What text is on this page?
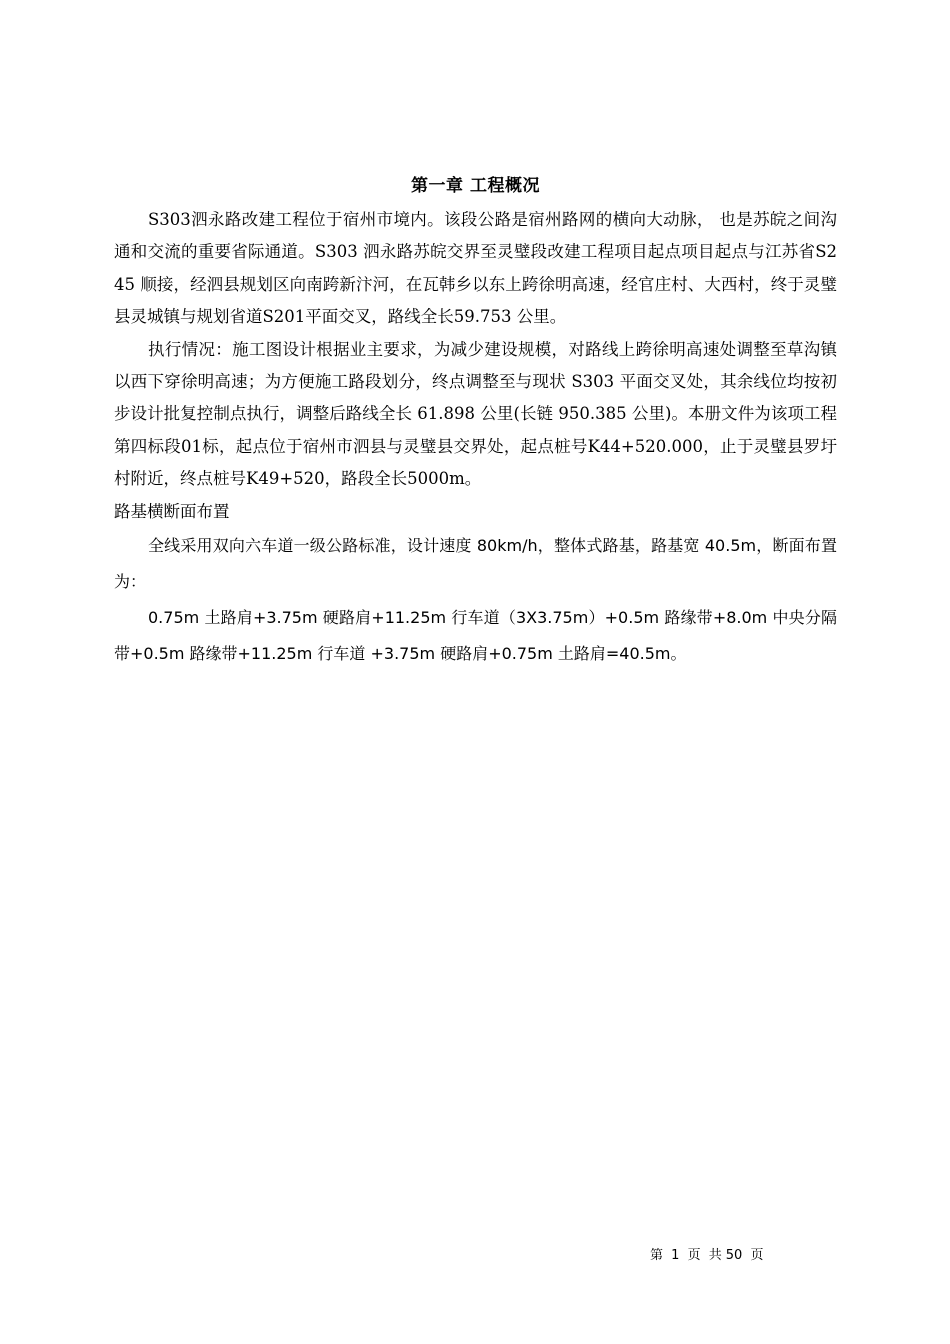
第一章 工程概况

S303泗永路改建工程位于宿州市境内。该段公路是宿州路网的横向大动脉， 也是苏皖之间沟通和交流的重要省际通道。S303 泗永路苏皖交界至灵璧段改建工程项目起点项目起点与江苏省S245 顺接，经泗县规划区向南跨新汴河，在瓦韩乡以东上跨徐明高速，经官庄村、大西村，终于灵璧县灵城镇与规划省道S201平面交叉，路线全长59.753 公里。

执行情况：施工图设计根据业主要求，为减少建设规模，对路线上跨徐明高速处调整至草沟镇以西下穿徐明高速；为方便施工路段划分，终点调整至与现状 S303 平面交叉处，其余线位均按初步设计批复控制点执行，调整后路线全长 61.898 公里(长链 950.385 公里)。本册文件为该项工程第四标段01标，起点位于宿州市泗县与灵璧县交界处，起点桩号K44+520.000，止于灵璧县罗圩村附近，终点桩号K49+520，路段全长5000m。

路基横断面布置

全线采用双向六车道一级公路标准，设计速度 80km/h，整体式路基，路基宽 40.5m，断面布置为：

0.75m 土路肩+3.75m 硬路肩+11.25m 行车道（3X3.75m）+0.5m 路缘带+8.0m 中央分隔带+0.5m 路缘带+11.25m 行车道 +3.75m 硬路肩+0.75m 土路肩=40.5m。

第 1 页 共 50 页
